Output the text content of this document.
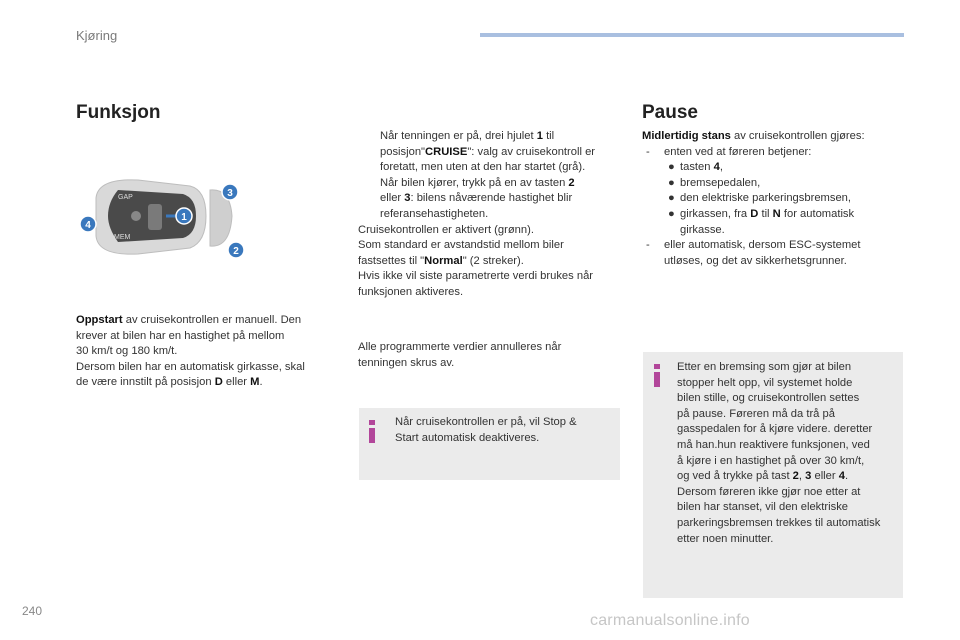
Kjøring
Funksjon
GAP
MEM
1
2
3
4
Oppstart av cruisekontrollen er manuell. Den
krever at bilen har en hastighet på mellom
30 km/t og 180 km/t.
Dersom bilen har en automatisk girkasse, skal
de være innstilt på posisjon D eller M.
Når tenningen er på, drei hjulet 1 til
posisjon"CRUISE": valg av cruisekontroll er
foretatt, men uten at den har startet (grå).
Når bilen kjører, trykk på en av tasten 2
eller 3: bilens nåværende hastighet blir
referansehastigheten.
Cruisekontrollen er aktivert (grønn).
Som standard er avstandstid mellom biler
fastsettes til "Normal" (2 streker).
Hvis ikke vil siste parametrerte verdi brukes når
funksjonen aktiveres.
Alle programmerte verdier annulleres når
tenningen skrus av.
Når cruisekontrollen er på, vil Stop &
Start automatisk deaktiveres.
Pause
Midlertidig stans av cruisekontrollen gjøres:
- enten ved at føreren betjener:
● tasten 4,
● bremsepedalen,
● den elektriske parkeringsbremsen,
● girkassen, fra D til N for automatisk
girkasse.
- eller automatisk, dersom ESC-systemet
utløses, og det av sikkerhetsgrunner.
Etter en bremsing som gjør at bilen
stopper helt opp, vil systemet holde
bilen stille, og cruisekontrollen settes
på pause. Føreren må da trå på
gasspedalen for å kjøre videre. deretter
må han.hun reaktivere funksjonen, ved
å kjøre i en hastighet på over 30 km/t,
og ved å trykke på tast 2, 3 eller 4.
Dersom føreren ikke gjør noe etter at
bilen har stanset, vil den elektriske
parkeringsbremsen trekkes til automatisk
etter noen minutter.
240
carmanualsonline.info
